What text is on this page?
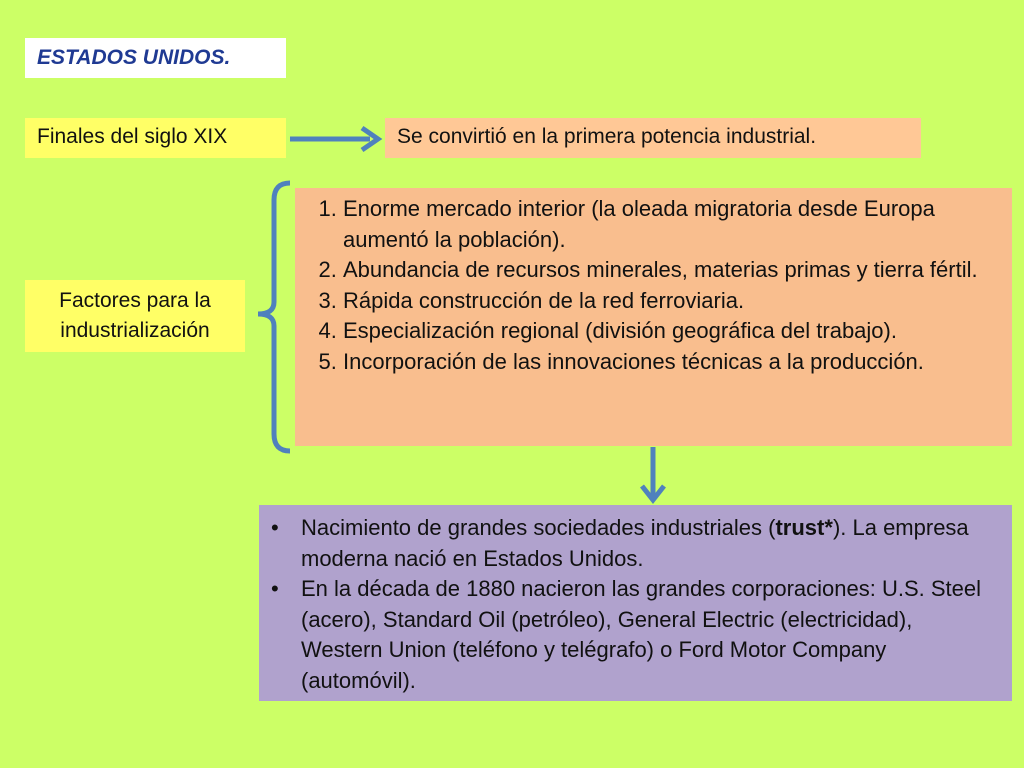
ESTADOS UNIDOS.
Finales del siglo XIX	Se convirtió en la primera potencia industrial.
Factores para la
industrialización
1. Enorme mercado interior (la oleada migratoria desde Europa aumentó la población).
2. Abundancia de recursos minerales, materias primas y tierra fértil.
3. Rápida construcción de la red ferroviaria.
4. Especialización regional (división geográfica del trabajo).
5. Incorporación de las innovaciones técnicas a la producción.
• Nacimiento de grandes sociedades industriales (trust*). La empresa moderna nació en Estados Unidos.
• En la década de 1880 nacieron las grandes corporaciones: U.S. Steel (acero), Standard Oil (petróleo), General Electric (electricidad), Western Union (teléfono y telégrafo) o Ford Motor Company (automóvil).
